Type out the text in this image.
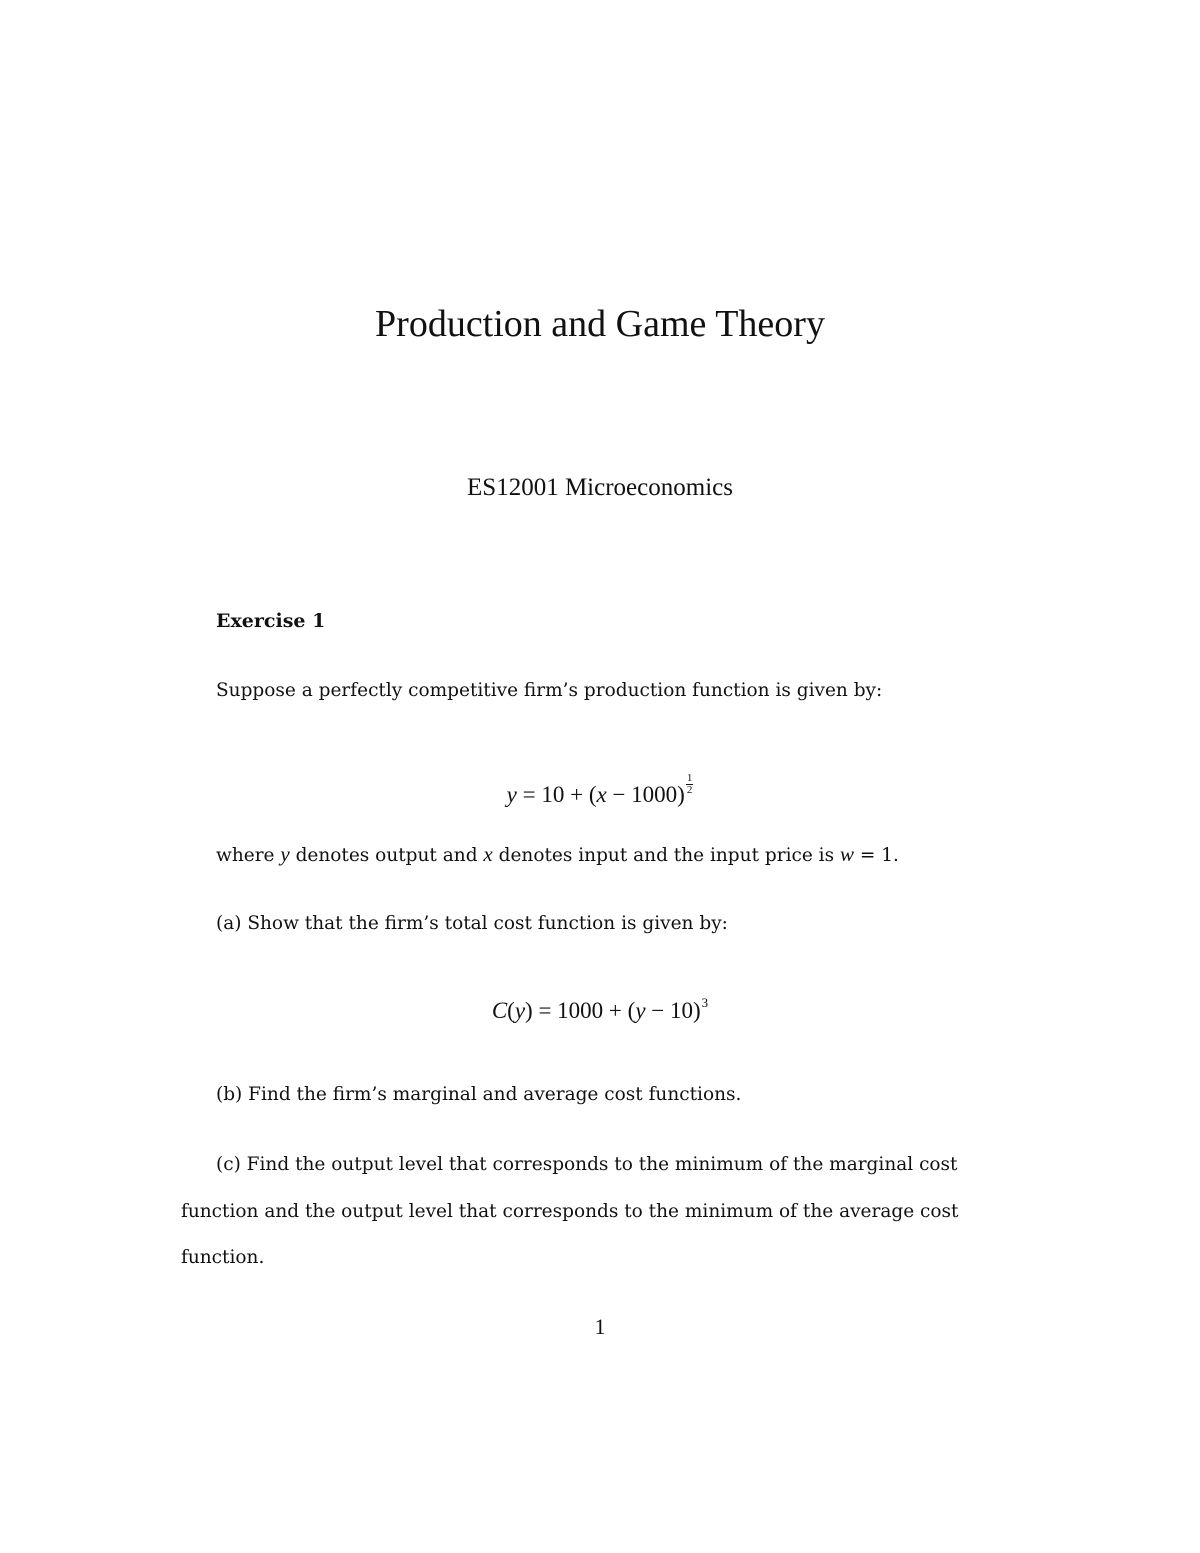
Production and Game Theory
ES12001 Microeconomics
Exercise 1
Suppose a perfectly competitive firm’s production function is given by:
$y = 10 + (x - 1000) \frac{1}{2}$
where y denotes output and x denotes input and the input price is w = 1.
(a) Show that the firm’s total cost function is given by:
$C(y) = 1000 + (y - 10)^3$
(b) Find the firm’s marginal and average cost functions.
(c) Find the output level that corresponds to the minimum of the marginal cost
function and the output level that corresponds to the minimum of the average cost
function.
1
